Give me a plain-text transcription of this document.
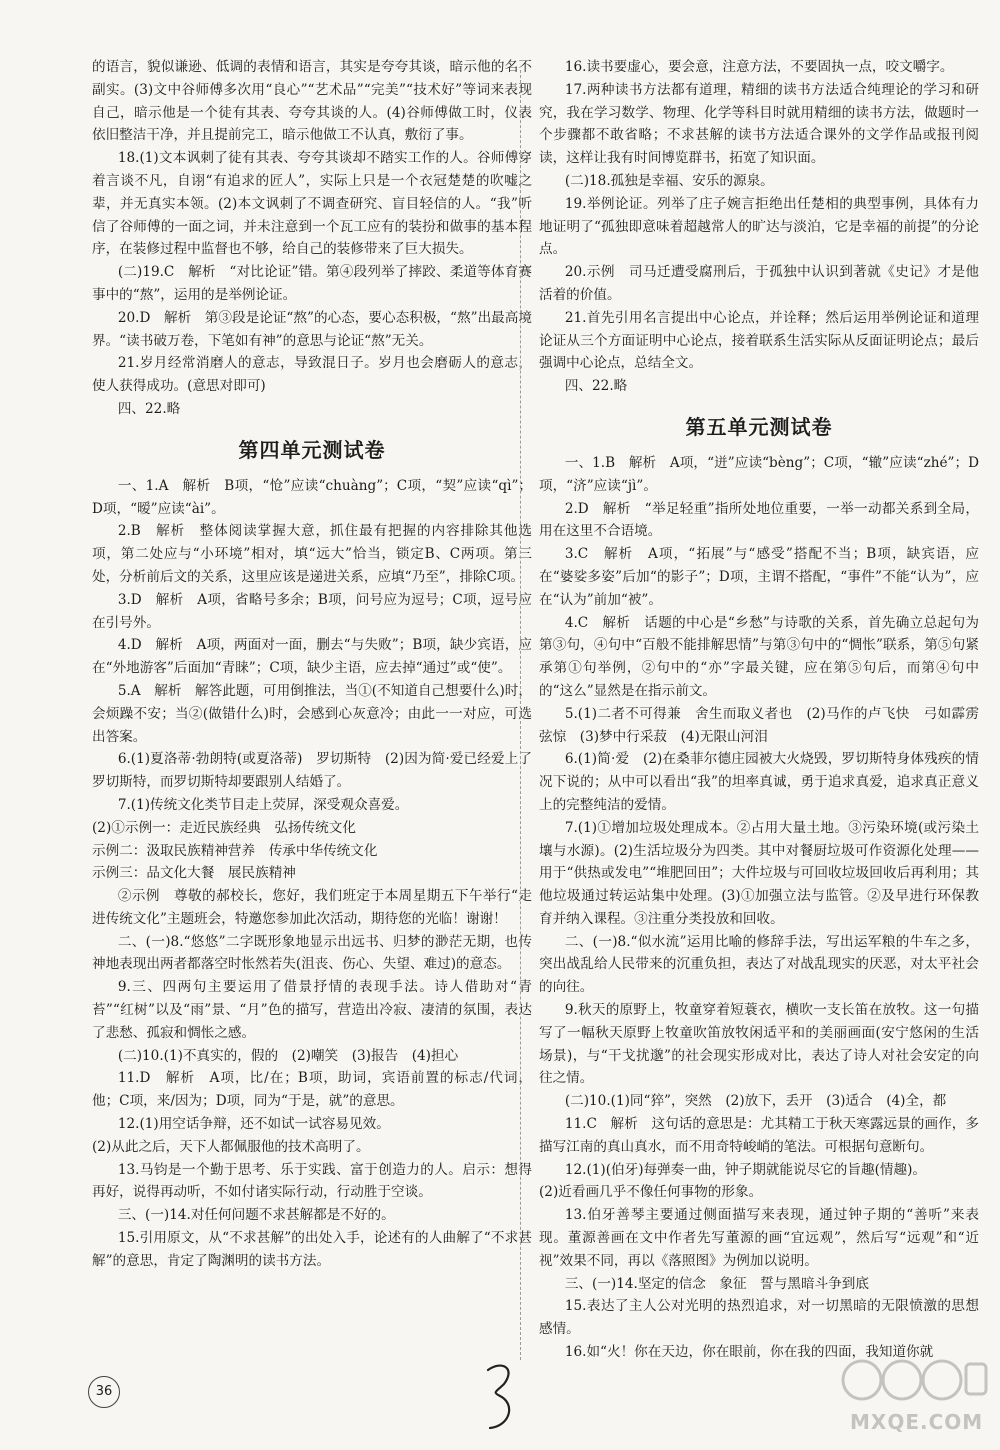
的语言，貌似谦逊、低调的表情和语言，其实是夸夸其谈，暗示他的名不副实。(3)文中谷师傅多次用“良心”“艺术品”“完美”“技术好”等词来表现自己，暗示他是一个徒有其表、夸夸其谈的人。(4)谷师傅做工时，仪表依旧整洁干净，并且提前完工，暗示他做工不认真，敷衍了事。

18.(1)文本讽刺了徒有其表、夸夸其谈却不踏实工作的人。谷师傅穿着言谈不凡，自诩“有追求的匠人”，实际上只是一个衣冠楚楚的吹嘘之辈，并无真实本领。(2)本文讽刺了不调查研究、盲目轻信的人。“我”听信了谷师傅的一面之词，并未注意到一个瓦工应有的装扮和做事的基本程序，在装修过程中监督也不够，给自己的装修带来了巨大损失。

(二)19.C　解析　“对比论证”错。第④段列举了摔跤、柔道等体育赛事中的“熬”，运用的是举例论证。

20.D　解析　第③段是论证“熬”的心态，要心态积极，“熬”出最高境界。“读书破万卷，下笔如有神”的意思与论证“熬”无关。

21.岁月经常消磨人的意志，导致混日子。岁月也会磨砺人的意志，使人获得成功。(意思对即可)

四、22.略

第四单元测试卷

一、1.A　解析　B项，“怆”应读“chuàng”；C项，“契”应读“qì”；D项，“暧”应读“ài”。

2.B　解析　整体阅读掌握大意，抓住最有把握的内容排除其他选项，第二处应与“小环境”相对，填“远大”恰当，锁定B、C两项。第三处，分析前后文的关系，这里应该是递进关系，应填“乃至”，排除C项。

3.D　解析　A项，省略号多余；B项，问号应为逗号；C项，逗号应在引号外。

4.D　解析　A项，两面对一面，删去“与失败”；B项，缺少宾语，应在“外地游客”后面加“青睐”；C项，缺少主语，应去掉“通过”或“使”。

5.A　解析　解答此题，可用倒推法，当①(不知道自己想要什么)时，会烦躁不安；当②(做错什么)时，会感到心灰意冷；由此一一对应，可选出答案。

6.(1)夏洛蒂·勃朗特(或夏洛蒂)　罗切斯特　(2)因为简·爱已经爱上了罗切斯特，而罗切斯特却要跟别人结婚了。

7.(1)传统文化类节目走上荧屏，深受观众喜爱。

(2)①示例一：走近民族经典　弘扬传统文化

示例二：汲取民族精神营养　传承中华传统文化

示例三：品文化大餐　展民族精神

②示例　尊敬的郝校长，您好，我们班定于本周星期五下午举行“走进传统文化”主题班会，特邀您参加此次活动，期待您的光临！谢谢！

二、(一)8.“悠悠”二字既形象地显示出远书、归梦的渺茫无期，也传神地表现出两者都落空时怅然若失(沮丧、伤心、失望、难过)的意态。

9.三、四两句主要运用了借景抒情的表现手法。诗人借助对“青苔”“红树”以及“雨”景、“月”色的描写，营造出冷寂、凄清的氛围，表达了悲愁、孤寂和惆怅之感。

(二)10.(1)不真实的，假的　(2)嘲笑　(3)报告　(4)担心

11.D　解析　A项，比/在；B项，助词，宾语前置的标志/代词，他；C项，来/因为；D项，同为“于是，就”的意思。

12.(1)用空话争辩，还不如试一试容易见效。

(2)从此之后，天下人都佩服他的技术高明了。

13.马钧是一个勤于思考、乐于实践、富于创造力的人。启示：想得再好，说得再动听，不如付诸实际行动，行动胜于空谈。

三、(一)14.对任何问题不求甚解都是不好的。

15.引用原文，从“不求甚解”的出处入手，论述有的人曲解了“不求甚解”的意思，肯定了陶渊明的读书方法。

16.读书要虚心，要会意，注意方法，不要固执一点，咬文嚼字。

17.两种读书方法都有道理，精细的读书方法适合纯理论的学习和研究，我在学习数学、物理、化学等科目时就用精细的读书方法，做题时一个步骤都不敢省略；不求甚解的读书方法适合课外的文学作品或报刊阅读，这样让我有时间博览群书，拓宽了知识面。

(二)18.孤独是幸福、安乐的源泉。

19.举例论证。列举了庄子婉言拒绝出任楚相的典型事例，具体有力地证明了“孤独即意味着超越常人的旷达与淡泊，它是幸福的前提”的分论点。

20.示例　司马迁遭受腐刑后，于孤独中认识到著就《史记》才是他活着的价值。

21.首先引用名言提出中心论点，并诠释；然后运用举例论证和道理论证从三个方面证明中心论点，接着联系生活实际从反面证明论点；最后强调中心论点，总结全文。

四、22.略

第五单元测试卷

一、1.B　解析　A项，“迸”应读“bèng”；C项，“辙”应读“zhé”；D项，“济”应读“jì”。

2.D　解析　“举足轻重”指所处地位重要，一举一动都关系到全局，用在这里不合语境。

3.C　解析　A项，“拓展”与“感受”搭配不当；B项，缺宾语，应在“婆娑多姿”后加“的影子”；D项，主谓不搭配，“事件”不能“认为”，应在“认为”前加“被”。

4.C　解析　话题的中心是“乡愁”与诗歌的关系，首先确立总起句为第③句，④句中“百般不能排解思情”与第③句中的“惆怅”联系，第⑤句紧承第①句举例，②句中的“亦”字最关键，应在第⑤句后，而第④句中的“这么”显然是在指示前文。

5.(1)二者不可得兼　舍生而取义者也　(2)马作的卢飞快　弓如霹雳弦惊　(3)梦中行采菽　(4)无限山河泪

6.(1)简·爱　(2)在桑菲尔德庄园被大火烧毁，罗切斯特身体残疾的情况下说的；从中可以看出“我”的坦率真诚，勇于追求真爱，追求真正意义上的完整纯洁的爱情。

7.(1)①增加垃圾处理成本。②占用大量土地。③污染环境(或污染土壤与水源)。(2)生活垃圾分为四类。其中对餐厨垃圾可作资源化处理——用于“供热或发电”“堆肥回田”；大件垃圾与可回收垃圾回收后再利用；其他垃圾通过转运站集中处理。(3)①加强立法与监管。②及早进行环保教育并纳入课程。③注重分类投放和回收。

二、(一)8.“似水流”运用比喻的修辞手法，写出运军粮的牛车之多，突出战乱给人民带来的沉重负担，表达了对战乱现实的厌恶，对太平社会的向往。

9.秋天的原野上，牧童穿着短蓑衣，横吹一支长笛在放牧。这一句描写了一幅秋天原野上牧童吹笛放牧闲适平和的美丽画面(安宁悠闲的生活场景)，与“干戈扰邈”的社会现实形成对比，表达了诗人对社会安定的向往之情。

(二)10.(1)同“猝”，突然　(2)放下，丢开　(3)适合　(4)全，都

11.C　解析　这句话的意思是：尤其精工于秋天寒露远景的画作，多描写江南的真山真水，而不用奇特峻峭的笔法。可根据句意断句。

12.(1)(伯牙)每弹奏一曲，钟子期就能说尽它的旨趣(情趣)。

(2)近看画几乎不像任何事物的形象。

13.伯牙善琴主要通过侧面描写来表现，通过钟子期的“善听”来表现。董源善画在文中作者先写董源的画“宜远观”，然后写“远观”和“近视”效果不同，再以《落照图》为例加以说明。

三、(一)14.坚定的信念　象征　誓与黑暗斗争到底

15.表达了主人公对光明的热烈追求，对一切黑暗的无限愤激的思想感情。

16.如“火！你在天边，你在眼前，你在我的四面，我知道你就

36
MXQE.COM
